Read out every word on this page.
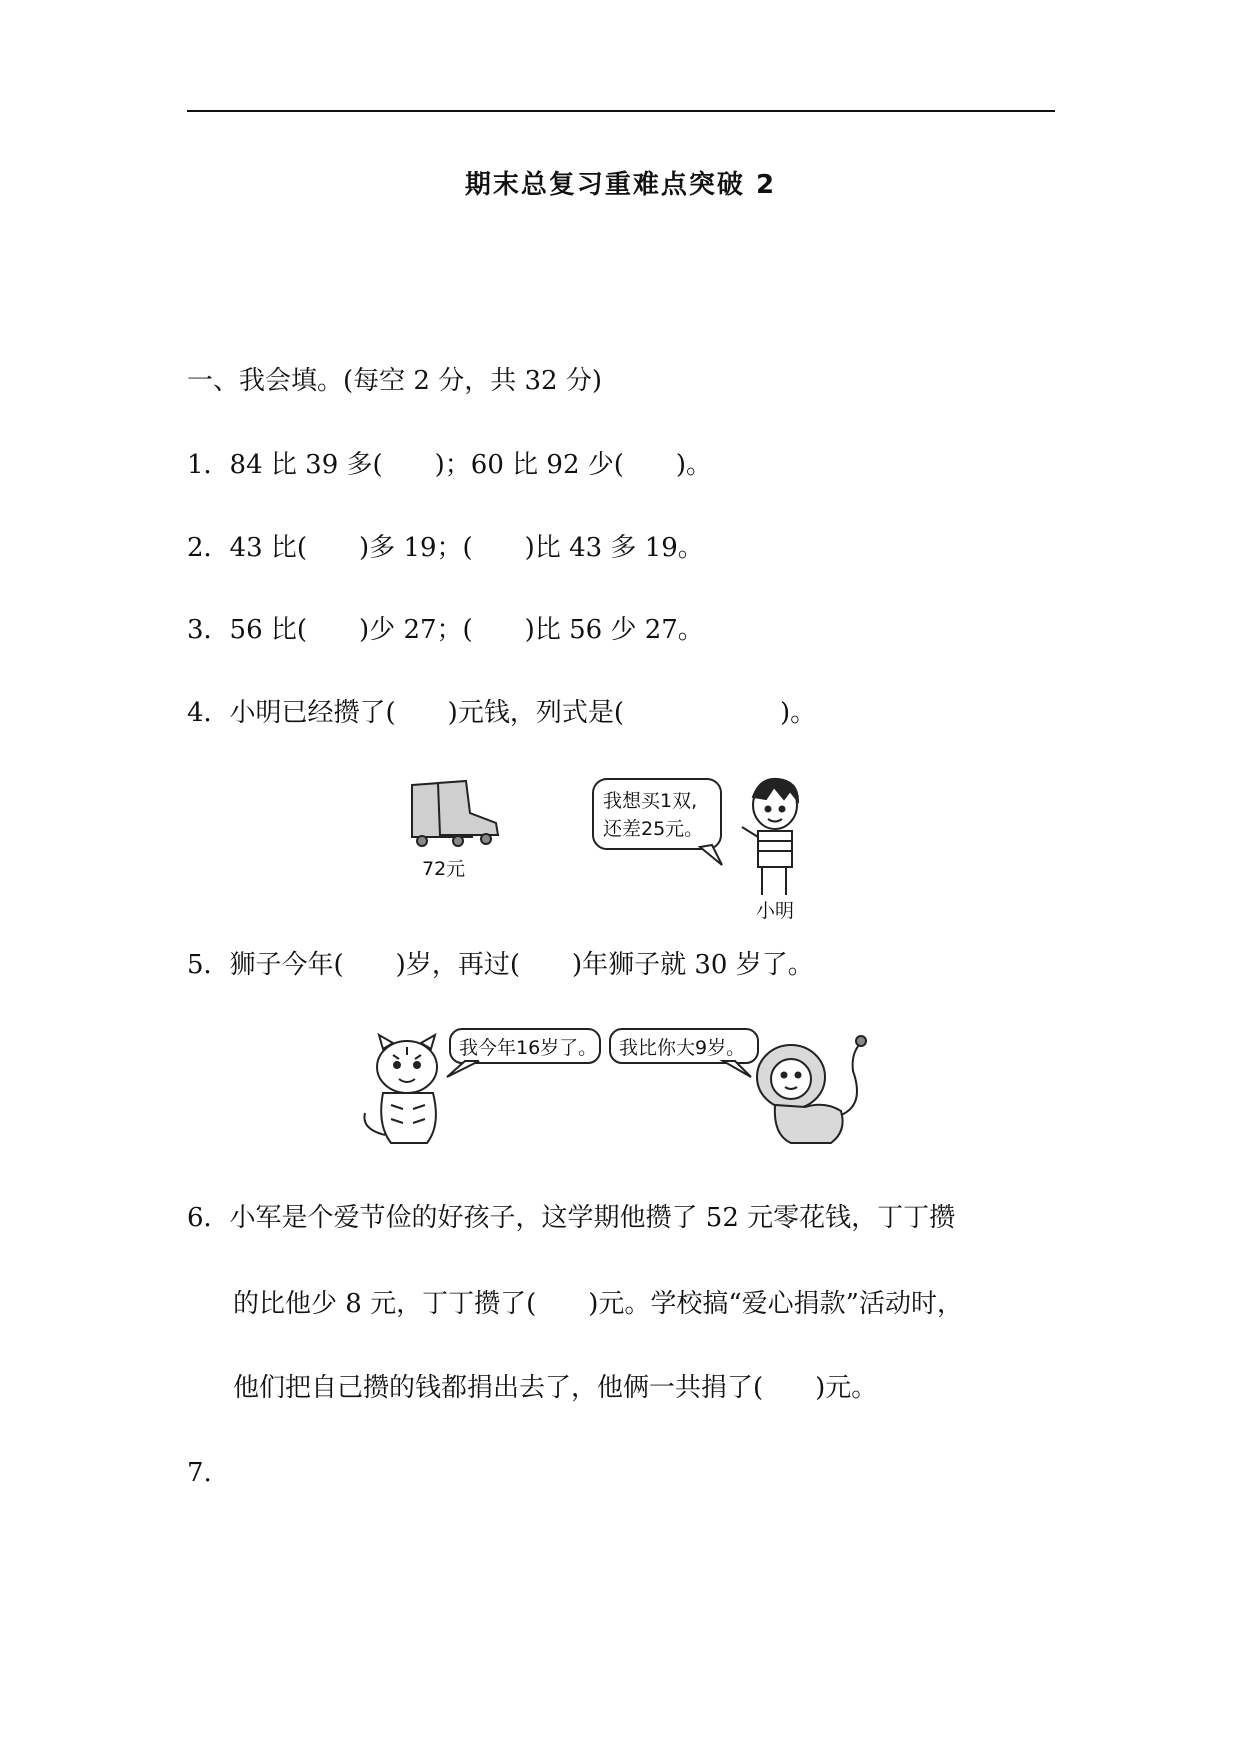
期末总复习重难点突破 2
一、我会填。(每空 2 分，共 32 分)
1．84 比 39 多(　　)；60 比 92 少(　　)。
2．43 比(　　)多 19；(　　)比 43 多 19。
3．56 比(　　)少 27；(　　)比 56 少 27。
4．小明已经攒了(　　)元钱，列式是(　　　　　　)。
72元
我想买1双,
还差25元。
小明
5．狮子今年(　　)岁，再过(　　)年狮子就 30 岁了。
我今年16岁了。 我比你大9岁。
6．小军是个爱节俭的好孩子，这学期他攒了 52 元零花钱，丁丁攒
的比他少 8 元，丁丁攒了(　　)元。学校搞“爱心捐款”活动时，
他们把自己攒的钱都捐出去了，他俩一共捐了(　　)元。
7.
